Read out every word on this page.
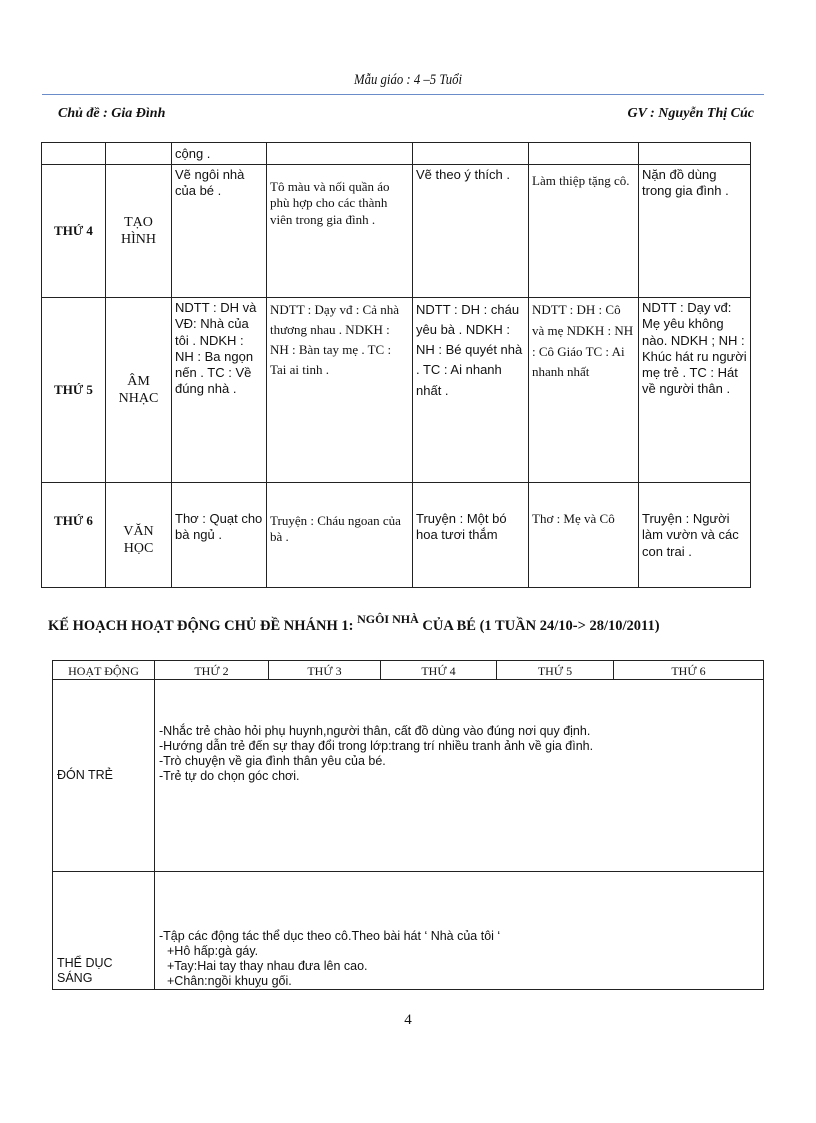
Mẫu giáo : 4 –5 Tuổi
Chủ đề : Gia Đình	GV : Nguyễn Thị Cúc
		cộng .				
THỨ 4	TẠO HÌNH	Vẽ ngôi nhà của bé .	Tô màu và nối quần áo phù hợp cho các thành viên trong gia đình .	Vẽ theo ý thích .	Làm thiệp tặng cô.	Nặn đồ dùng trong gia đình .
THỨ 5	ÂM NHẠC	NDTT : DH và VĐ: Nhà của tôi . NDKH : NH : Ba ngọn nến . TC : Về đúng nhà .	NDTT : Dạy vđ : Cả nhà thương nhau . NDKH : NH : Bàn tay mẹ . TC : Tai ai tinh .	NDTT : DH : cháu yêu bà . NDKH : NH : Bé quyét nhà . TC : Ai nhanh nhất .	NDTT : DH : Cô và mẹ NDKH : NH : Cô Giáo TC : Ai nhanh nhất	NDTT : Dạy vđ: Mẹ yêu không nào. NDKH ; NH : Khúc hát ru người mẹ trẻ . TC : Hát về người thân .
THỨ 6	VĂN HỌC	Thơ : Quạt cho bà ngủ .	Truyện : Cháu ngoan của bà .	Truyện : Một bó hoa tươi thắm	Thơ : Mẹ và Cô	Truyện : Người làm vườn và các con trai .
KẾ HOẠCH HOẠT ĐỘNG CHỦ ĐỀ NHÁNH 1: $^{NGÔI NHÀ}$ CỦA BÉ (1 TUẦN 24/10-> 28/10/2011)
HOẠT ĐỘNG	THỨ 2	THỨ 3	THỨ 4	THỨ 5	THỨ 6
ĐÓN TRẺ	-Nhắc trẻ chào hỏi phụ huynh,người thân, cất đồ dùng vào đúng nơi quy định.
-Hướng dẫn trẻ đến sự thay đổi trong lớp:trang trí nhiều tranh ảnh về gia đình.
-Trò chuyện về gia đình thân yêu của bé.
-Trẻ tự do chọn góc chơi.				

THỂ DỤC SÁNG	-Tập các động tác thể dục theo cô.Theo bài hát ‘ Nhà của tôi ‘
+Hô hấp:gà gáy.
+Tay:Hai tay thay nhau đưa lên cao.
+Chân:ngồi khuỵu gối.				
4
